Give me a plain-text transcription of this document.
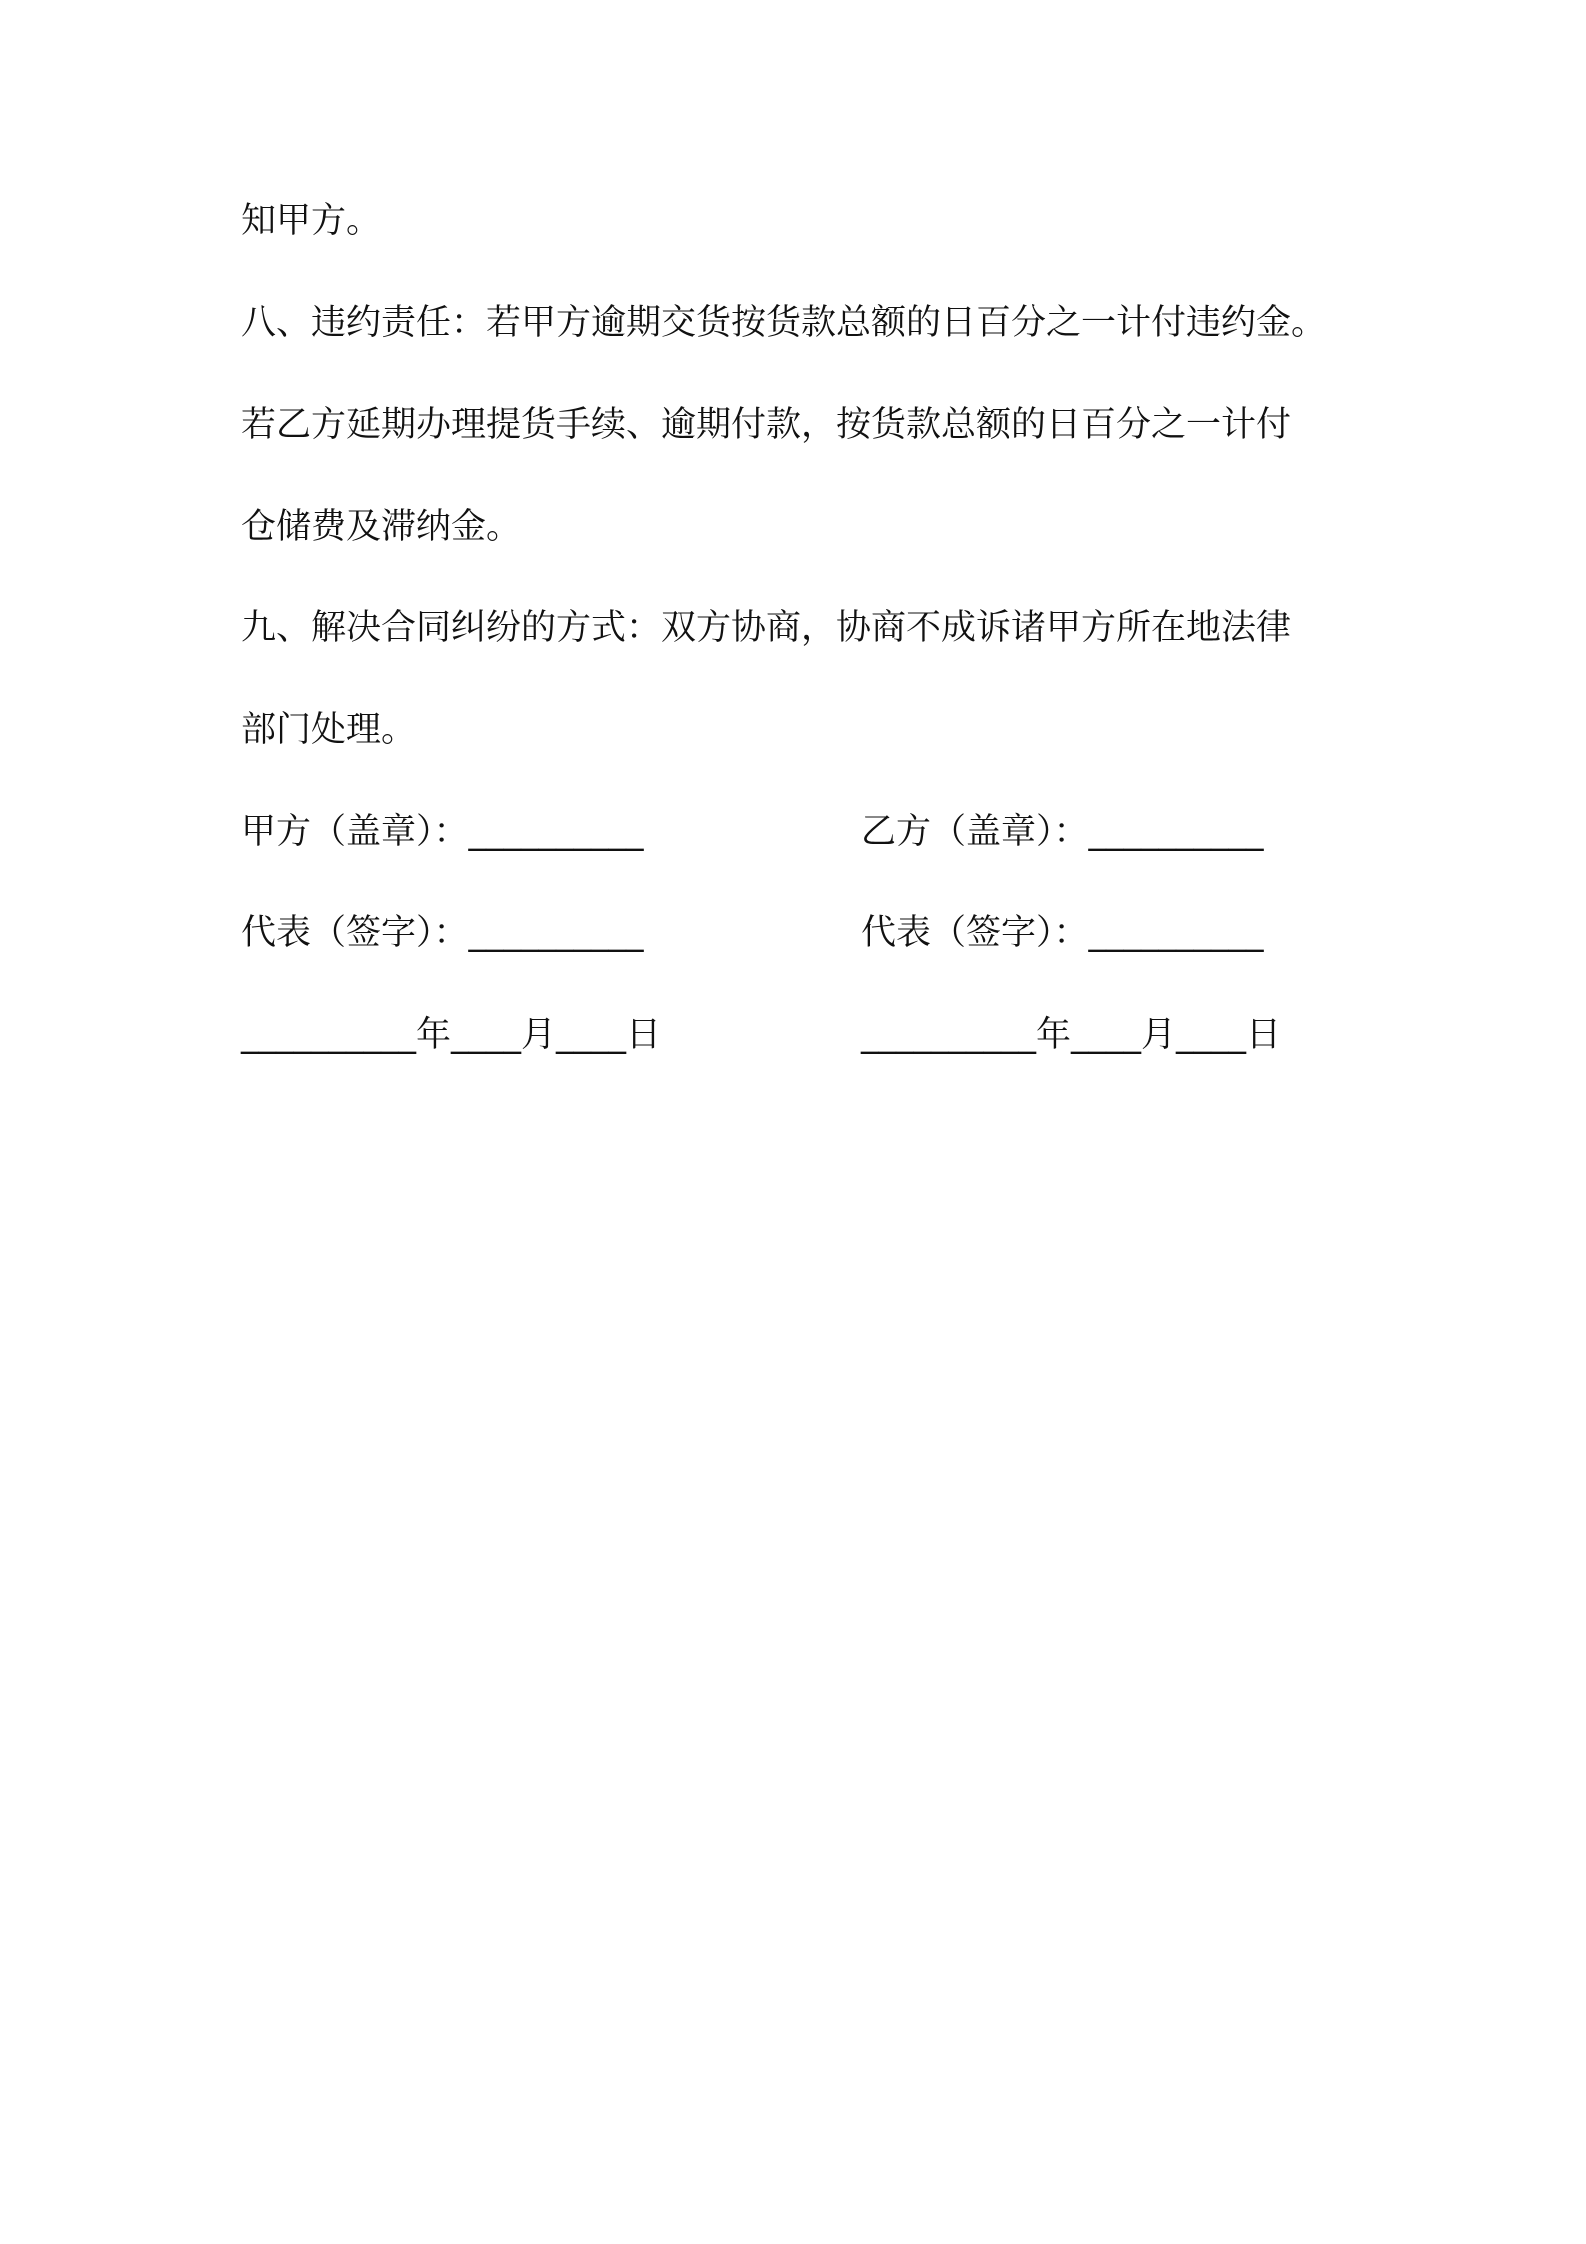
知甲方。
八、违约责任：若甲方逾期交货按货款总额的日百分之一计付违约金。
若乙方延期办理提货手续、逾期付款，按货款总额的日百分之一计付
仓储费及滞纳金。
九、解决合同纠纷的方式：双方协商，协商不成诉诸甲方所在地法律
部门处理。
甲方（盖章）：__________	乙方（盖章）：__________
代表（签字）：__________	代表（签字）：__________
__________年____月____日	__________年____月____日
